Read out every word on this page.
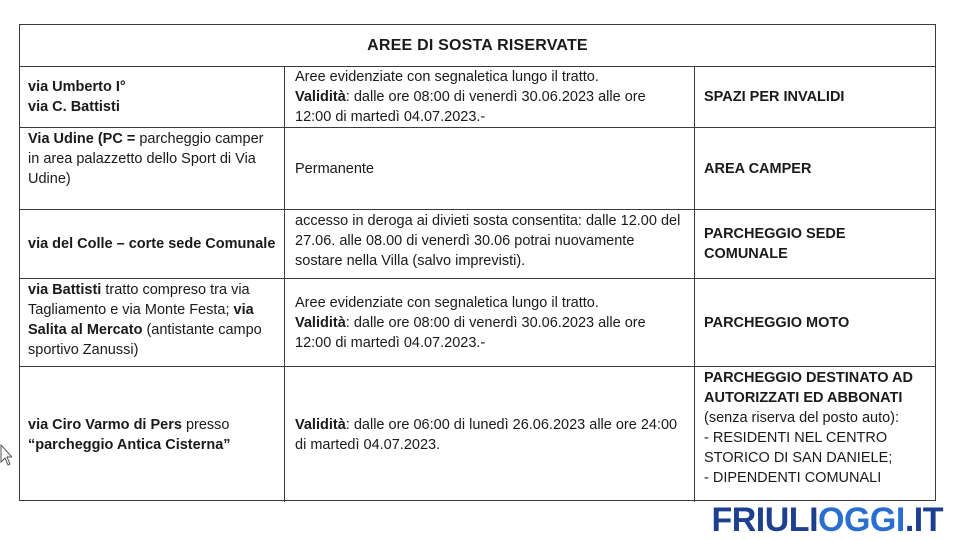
AREE DI SOSTA RISERVATE
via Umberto I°
via C. Battisti
Aree evidenziate con segnaletica lungo il tratto.
Validità: dalle ore 08:00 di venerdì 30.06.2023 alle ore 12:00 di martedì 04.07.2023.-
SPAZI PER INVALIDI
Via Udine (PC = parcheggio camper in area palazzetto dello Sport di Via Udine)
Permanente	AREA CAMPER
via del Colle – corte sede Comunale
accesso in deroga ai divieti sosta consentita: dalle 12.00 del 27.06. alle 08.00 di venerdì 30.06 potrai nuovamente sostare nella Villa (salvo imprevisti).
PARCHEGGIO SEDE COMUNALE
via Battisti tratto compreso tra via Tagliamento e via Monte Festa; via Salita al Mercato (antistante campo sportivo Zanussi)
Aree evidenziate con segnaletica lungo il tratto.
Validità: dalle ore 08:00 di venerdì 30.06.2023 alle ore 12:00 di martedì 04.07.2023.-
PARCHEGGIO MOTO
via Ciro Varmo di Pers presso
“parcheggio Antica Cisterna”
Validità: dalle ore 06:00 di lunedì 26.06.2023 alle ore 24:00 di martedì 04.07.2023.
PARCHEGGIO DESTINATO AD AUTORIZZATI ED ABBONATI
(senza riserva del posto auto):
- RESIDENTI NEL CENTRO STORICO DI SAN DANIELE;
- DIPENDENTI COMUNALI
FRIULI OGGI .IT
